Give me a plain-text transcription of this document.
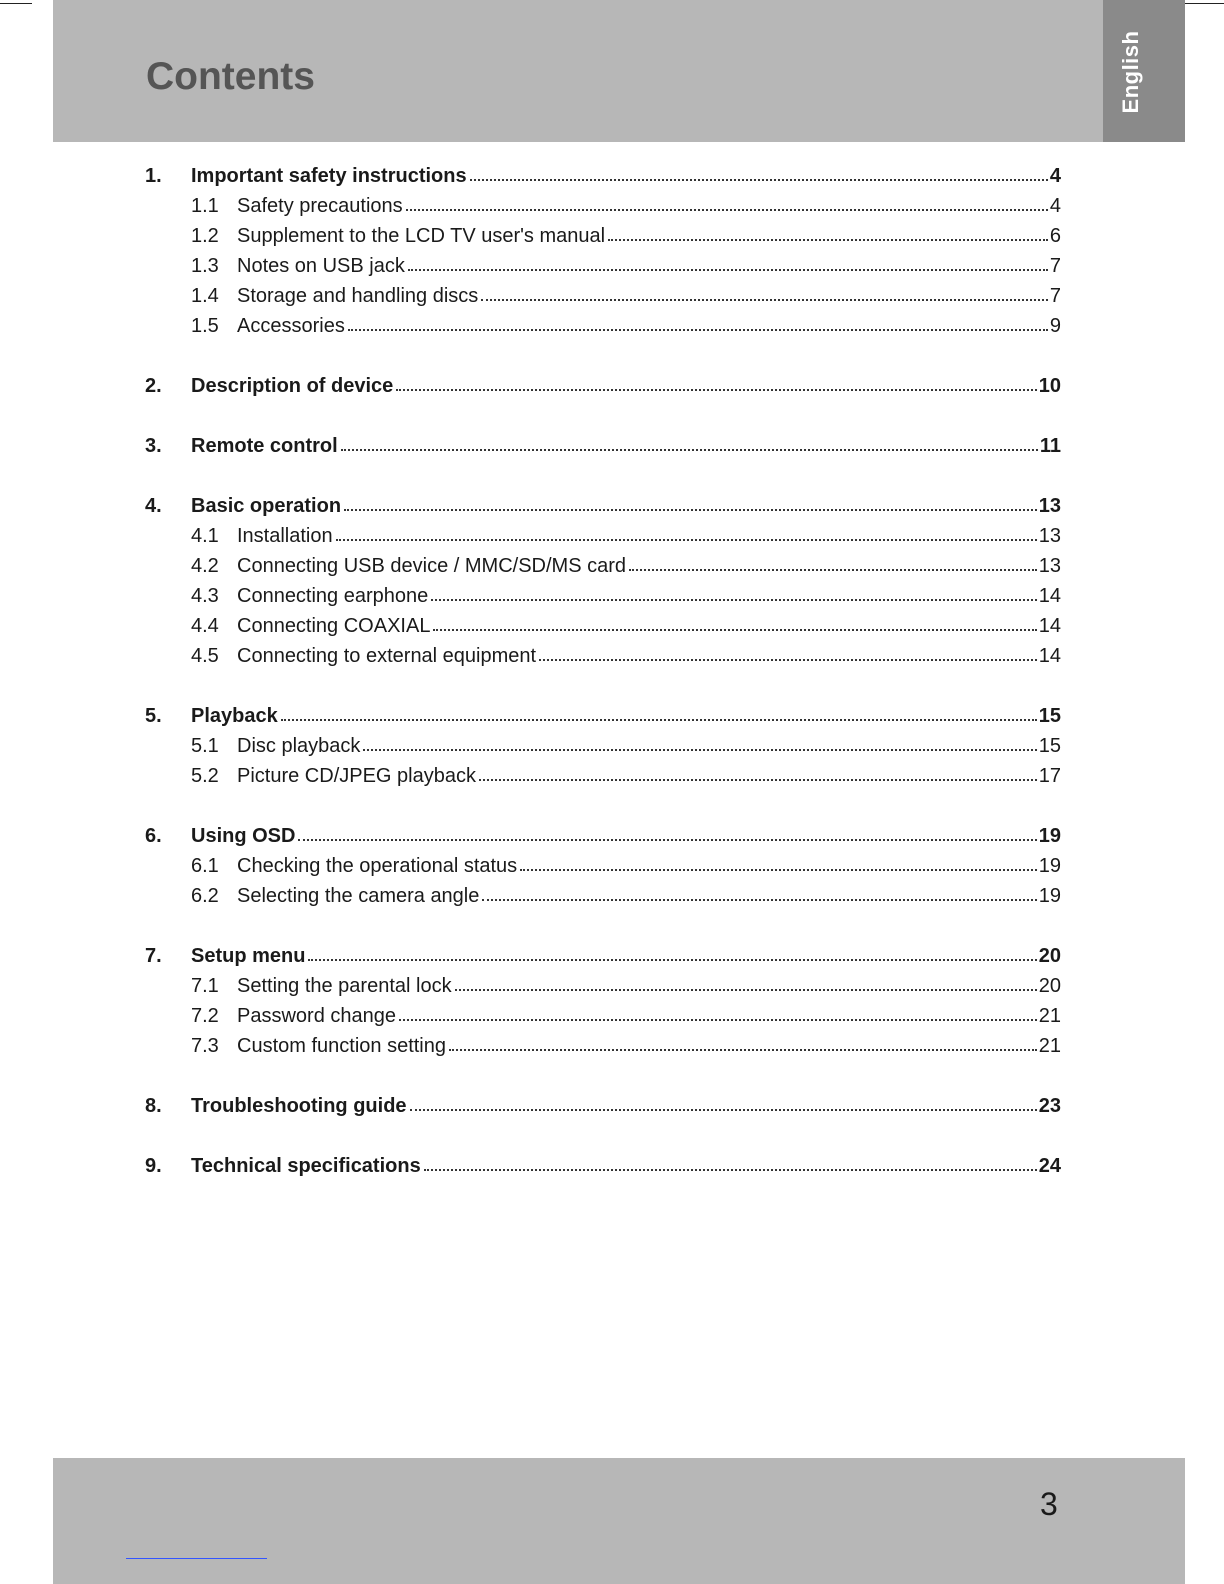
Contents	English
1.	Important safety instructions	4
1.1 Safety precautions	4
1.2 Supplement to the LCD TV user's manual	6
1.3 Notes on USB jack	7
1.4 Storage and handling discs	7
1.5 Accessories	9
2.	Description of device	10
3.	Remote control	11
4.	Basic operation	13
4.1 Installation	13
4.2 Connecting USB device / MMC/SD/MS card	13
4.3 Connecting earphone	14
4.4 Connecting COAXIAL	14
4.5 Connecting to external equipment	14
5.	Playback	15
5.1 Disc playback	15
5.2 Picture CD/JPEG playback	17
6.	Using OSD	19
6.1 Checking the operational status	19
6.2 Selecting the camera angle	19
7.	Setup menu	20
7.1 Setting the parental lock	20
7.2 Password change	21
7.3 Custom function setting	21
8.	Troubleshooting guide	23
9.	Technical specifications	24
3
